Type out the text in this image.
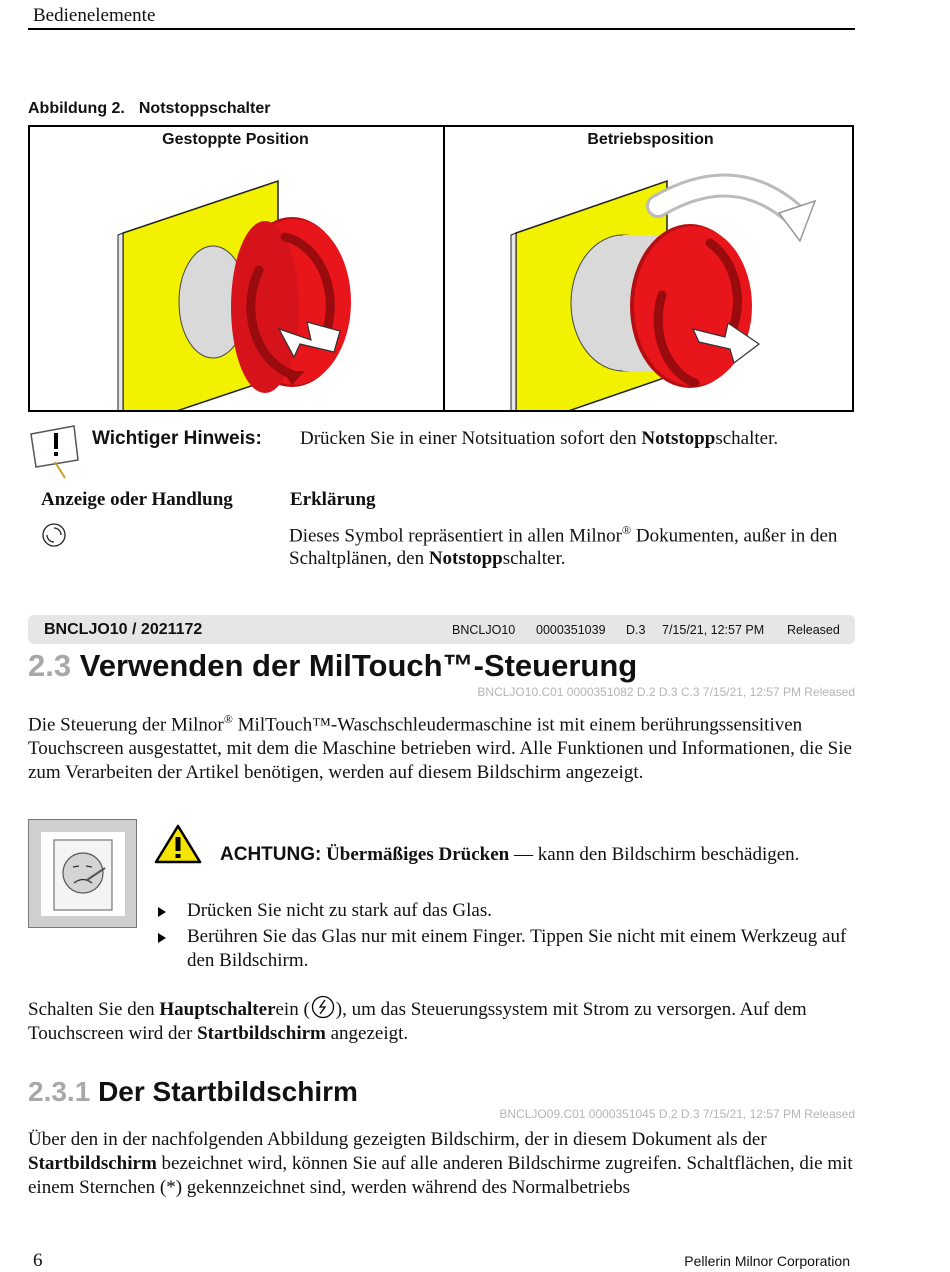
Bedienelemente
Abbildung 2. Notstoppschalter
Gestoppte Position	Betriebsposition
Wichtiger Hinweis: Drücken Sie in einer Notsituation sofort den Notstoppschalter.
Anzeige oder Handlung	Erklärung
Dieses Symbol repräsentiert in allen Milnor® Dokumenten, außer in den Schaltplänen, den Notstoppschalter.
BNCLJO10 / 2021172	BNCLJO10 0000351039 D.3 7/15/21, 12:57 PM Released
2.3 Verwenden der MilTouch™-Steuerung
BNCLJO10.C01 0000351082 D.2 D.3 C.3 7/15/21, 12:57 PM Released
Die Steuerung der Milnor® MilTouch™-Waschschleudermaschine ist mit einem berührungssensitiven Touchscreen ausgestattet, mit dem die Maschine betrieben wird. Alle Funktionen und Informationen, die Sie zum Verarbeiten der Artikel benötigen, werden auf diesem Bildschirm angezeigt.
ACHTUNG: Übermäßiges Drücken — kann den Bildschirm beschädigen.
Drücken Sie nicht zu stark auf das Glas.
Berühren Sie das Glas nur mit einem Finger. Tippen Sie nicht mit einem Werkzeug auf den Bildschirm.
Schalten Sie den Hauptschalterein ( ), um das Steuerungssystem mit Strom zu versorgen. Auf dem Touchscreen wird der Startbildschirm angezeigt.
2.3.1 Der Startbildschirm
BNCLJO09.C01 0000351045 D.2 D.3 7/15/21, 12:57 PM Released
Über den in der nachfolgenden Abbildung gezeigten Bildschirm, der in diesem Dokument als der Startbildschirm bezeichnet wird, können Sie auf alle anderen Bildschirme zugreifen. Schaltflächen, die mit einem Sternchen (*) gekennzeichnet sind, werden während des Normalbetriebs
6	Pellerin Milnor Corporation
